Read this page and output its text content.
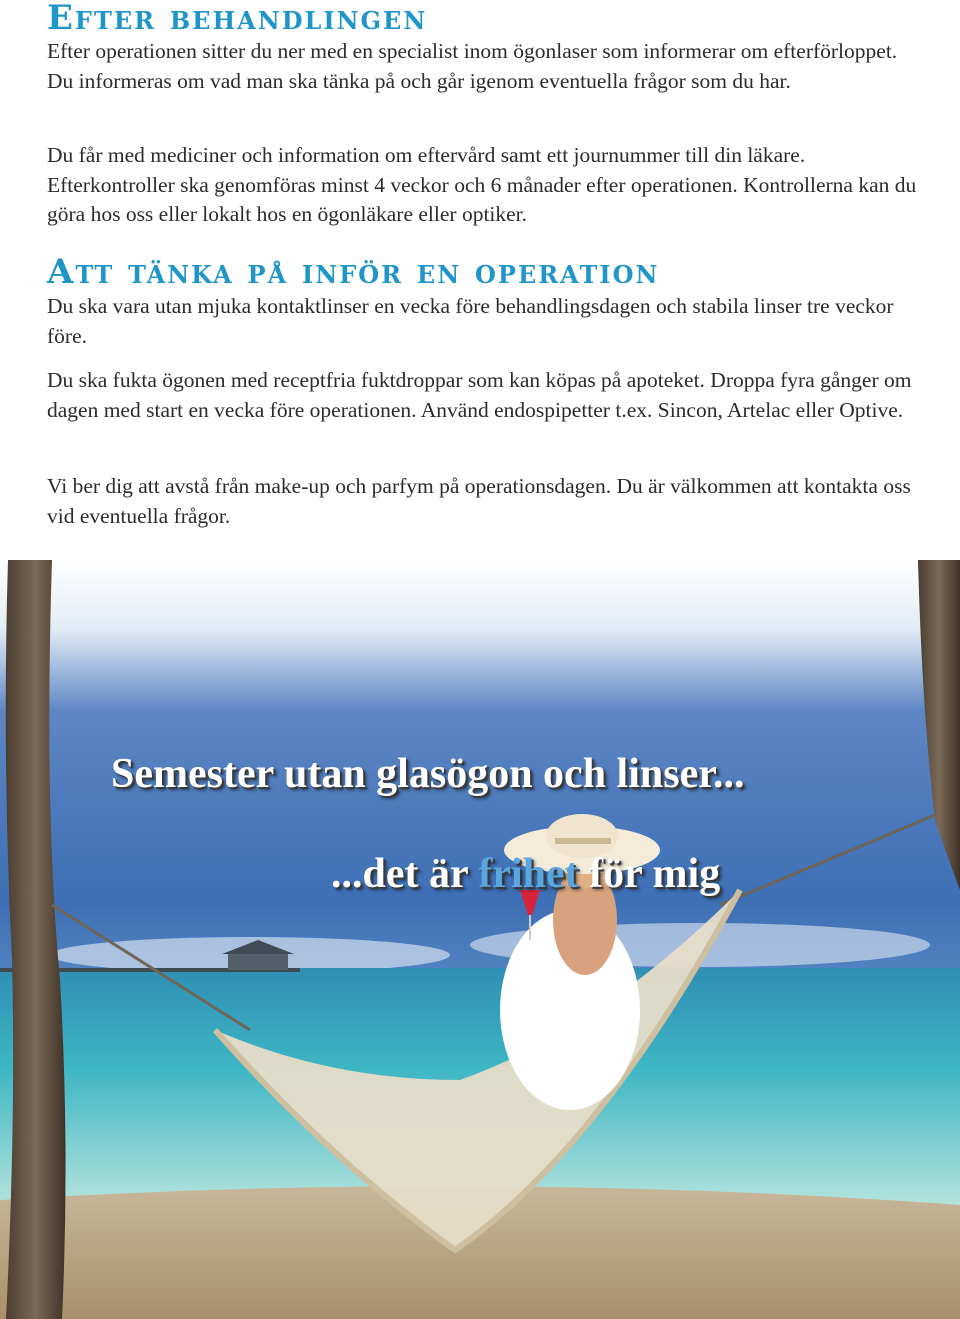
Efter behandlingen

Efter operationen sitter du ner med en specialist inom ögonlaser som informerar om efterförloppet. Du informeras om vad man ska tänka på och går igenom eventuella frågor som du har.

Du får med mediciner och information om eftervård samt ett journummer till din läkare. Efterkontroller ska genomföras minst 4 veckor och 6 månader efter operationen. Kontrollerna kan du göra hos oss eller lokalt hos en ögonläkare eller optiker.

Att tänka på inför en operation

Du ska vara utan mjuka kontaktlinser en vecka före behandlingsdagen och stabila linser tre veckor före.

Du ska fukta ögonen med receptfria fuktdroppar som kan köpas på apoteket. Droppa fyra gånger om dagen med start en vecka före operationen. Använd endospipetter t.ex. Sincon, Artelac eller Optive.

Vi ber dig att avstå från make-up och parfym på operationsdagen. Du är välkommen att kontakta oss vid eventuella frågor.

Semester utan glasögon och linser...

...det är frihet för mig
